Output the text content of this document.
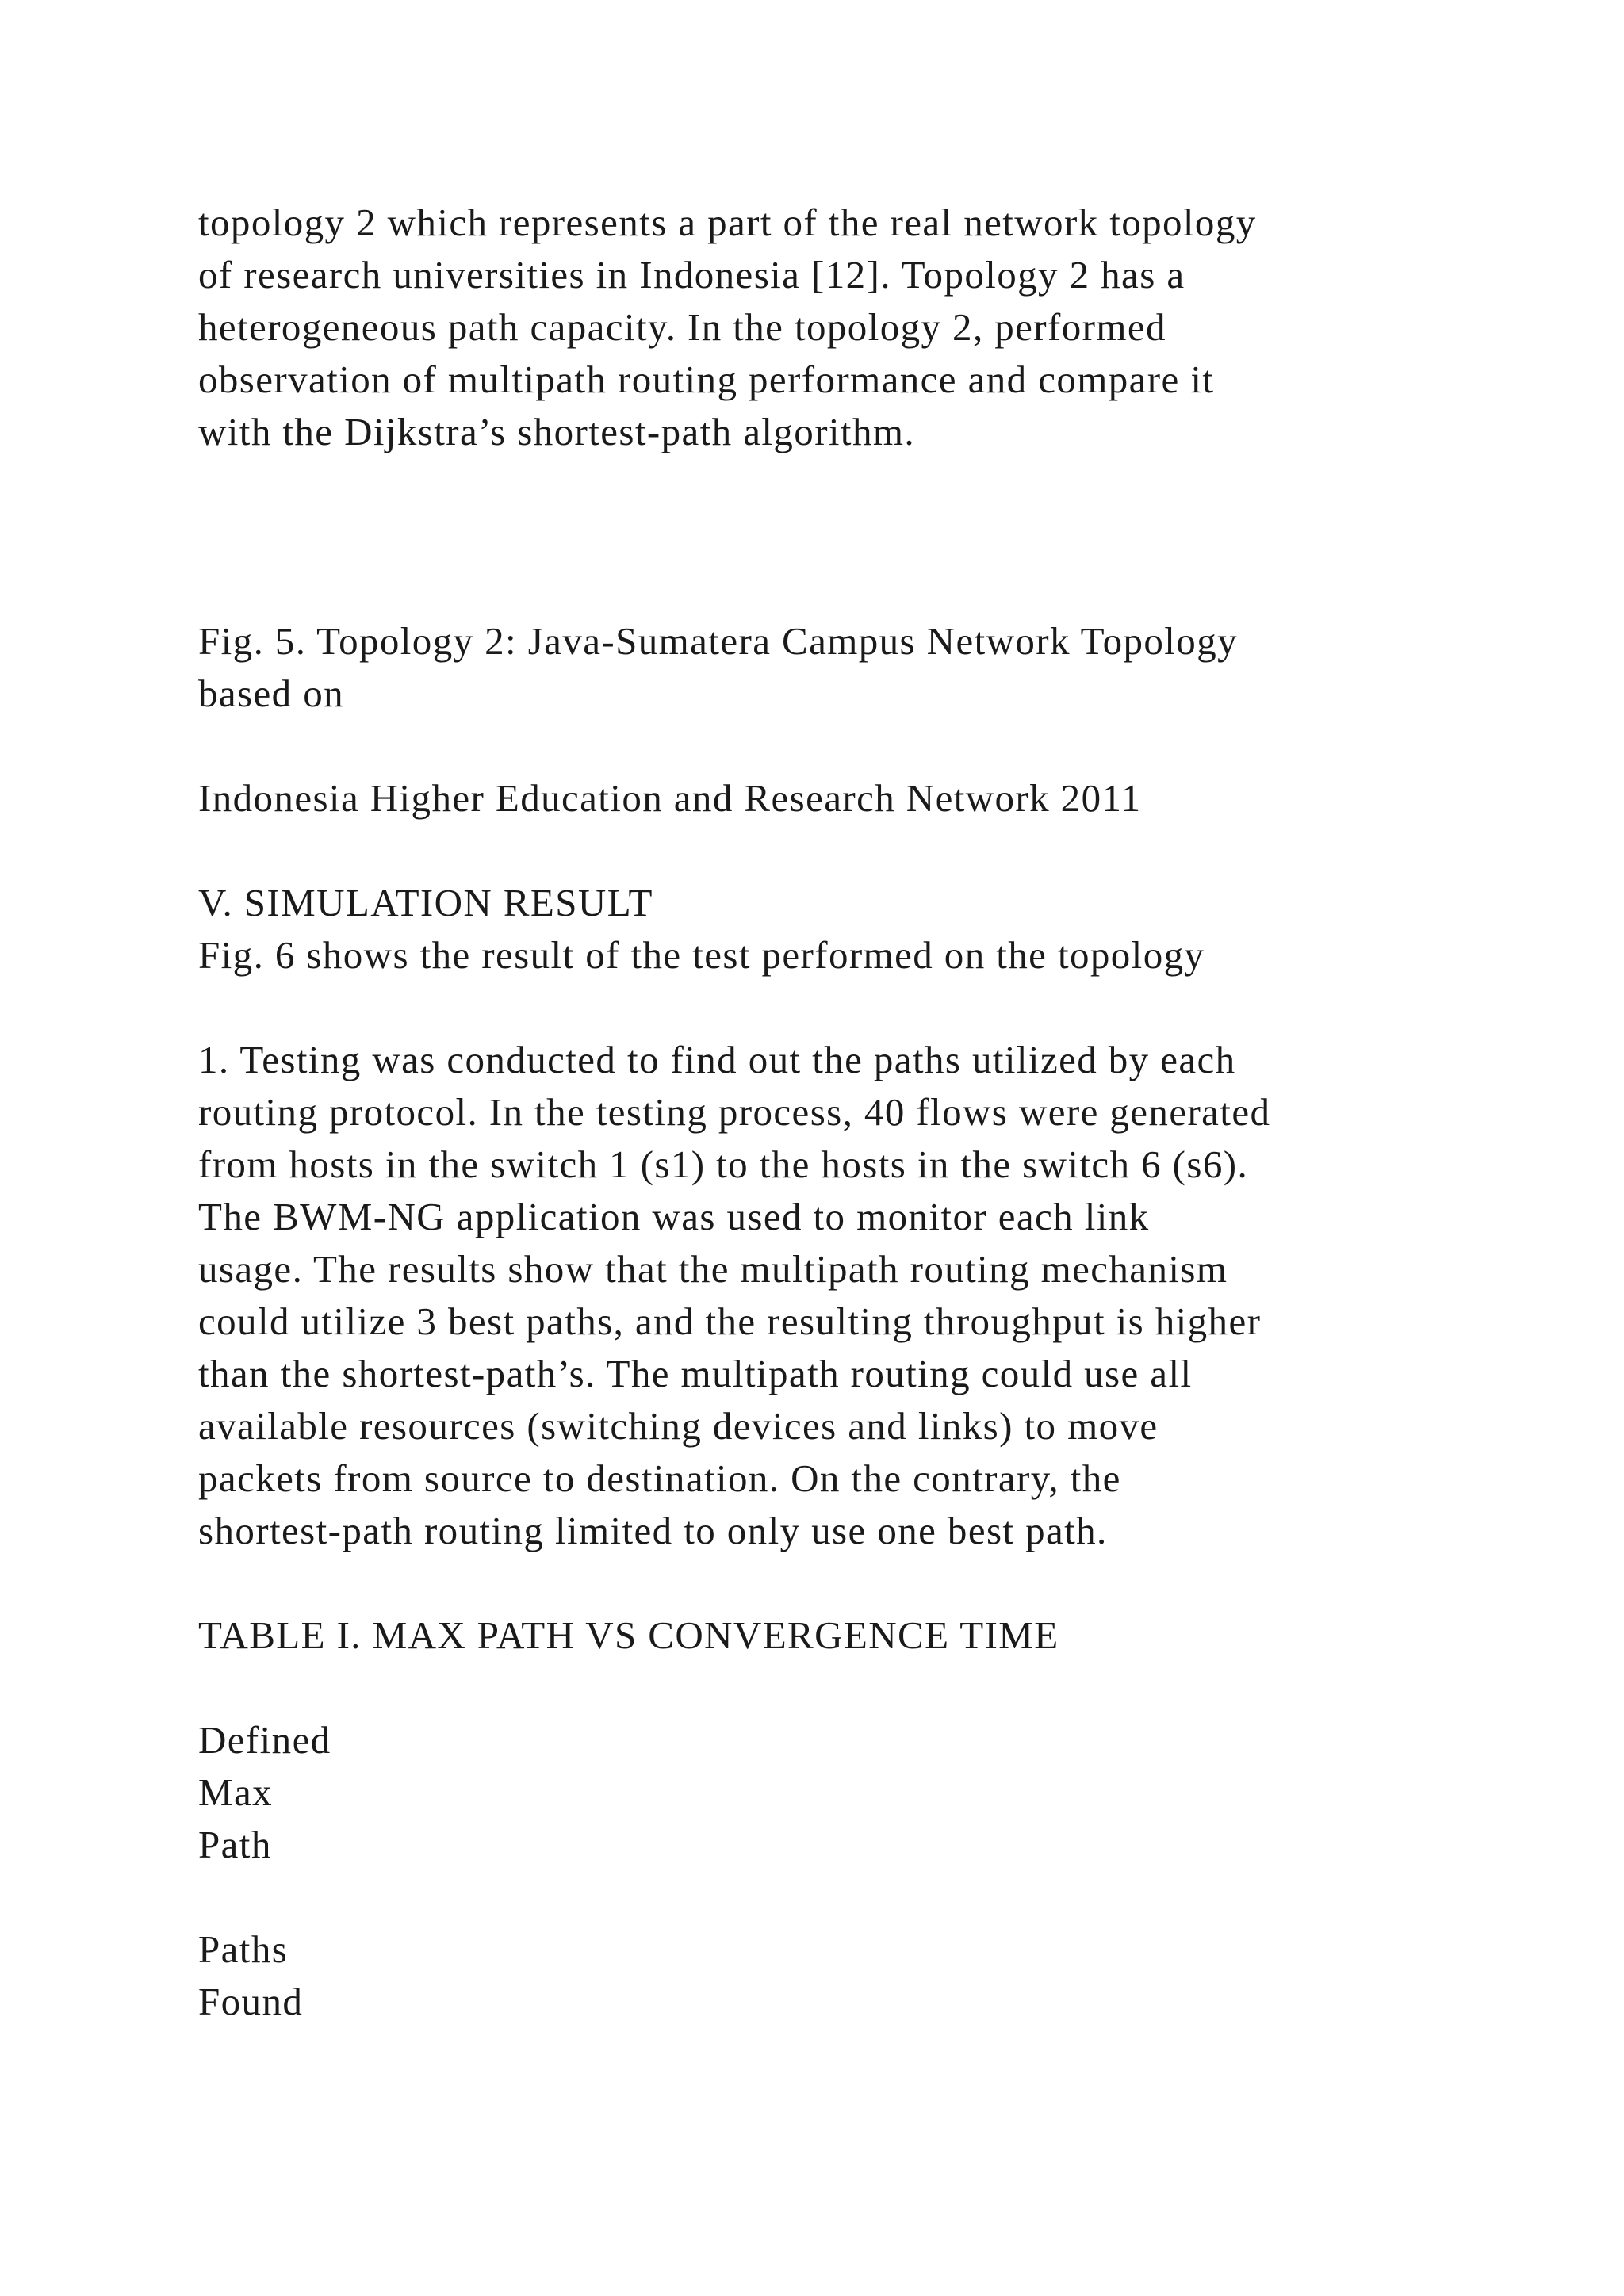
topology 2 which represents a part of the real network topology
of research universities in Indonesia [12]. Topology 2 has a
heterogeneous path capacity. In the topology 2, performed
observation of multipath routing performance and compare it
with the Dijkstra’s shortest-path algorithm.
Fig. 5. Topology 2: Java-Sumatera Campus Network Topology
based on
Indonesia Higher Education and Research Network 2011
V. SIMULATION RESULT
Fig. 6 shows the result of the test performed on the topology
1. Testing was conducted to find out the paths utilized by each
routing protocol. In the testing process, 40 flows were generated
from hosts in the switch 1 (s1) to the hosts in the switch 6 (s6).
The BWM-NG application was used to monitor each link
usage. The results show that the multipath routing mechanism
could utilize 3 best paths, and the resulting throughput is higher
than the shortest-path’s. The multipath routing could use all
available resources (switching devices and links) to move
packets from source to destination. On the contrary, the
shortest-path routing limited to only use one best path.
TABLE I. MAX PATH VS CONVERGENCE TIME
Defined
Max
Path
Paths
Found
